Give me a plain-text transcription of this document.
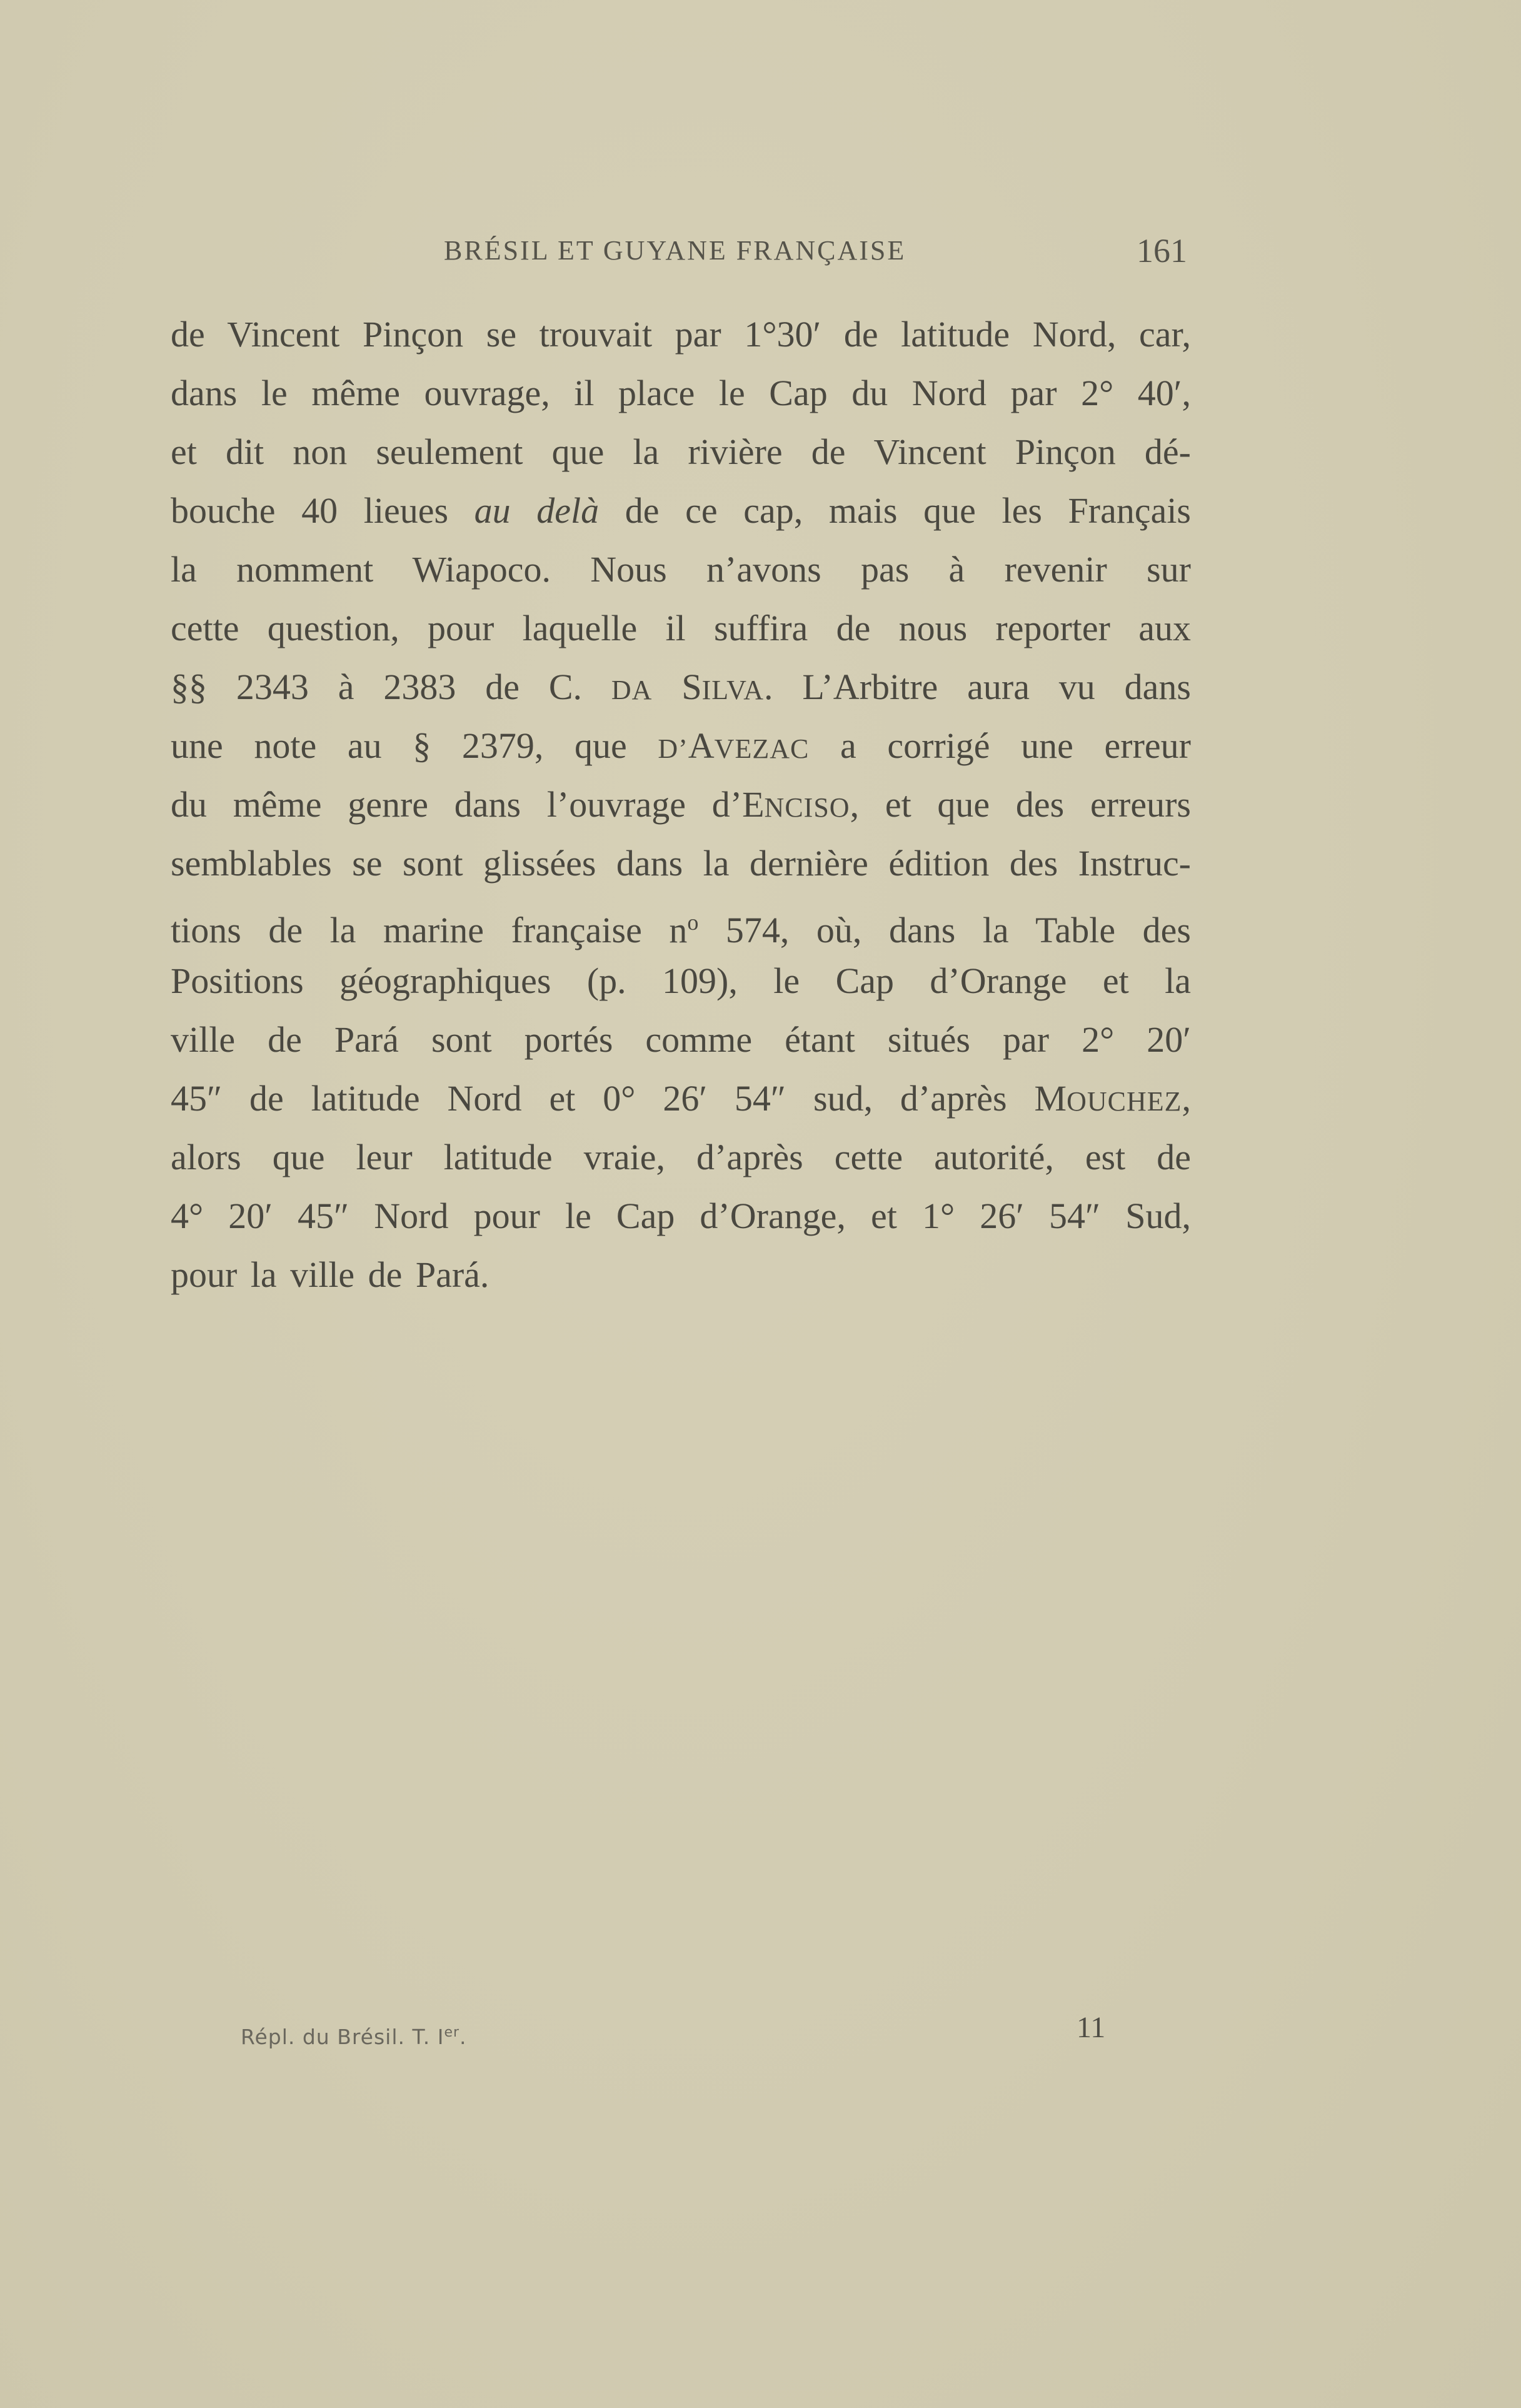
BRÉSIL ET GUYANE FRANÇAISE	161
de Vincent Pinçon se trouvait par 1°30′ de latitude Nord, car,
dans le même ouvrage, il place le Cap du Nord par 2° 40′,
et dit non seulement que la rivière de Vincent Pinçon dé-
bouche 40 lieues au delà de ce cap, mais que les Français
la nomment Wiapoco. Nous n’avons pas à revenir sur
cette question, pour laquelle il suffira de nous reporter aux
§§ 2343 à 2383 de C. DA SILVA. L’Arbitre aura vu dans
une note au § 2379, que D’AVEZAC a corrigé une erreur
du même genre dans l’ouvrage d’ENCISO, et que des erreurs
semblables se sont glissées dans la dernière édition des Instruc-
tions de la marine française $n^o$ 574, où, dans la Table des
Positions géographiques (p. 109), le Cap d’Orange et la
ville de Pará sont portés comme étant situés par 2° 20′
45″ de latitude Nord et 0° 26′ 54″ sud, d’après MOUCHEZ,
alors que leur latitude vraie, d’après cette autorité, est de
4° 20′ 45″ Nord pour le Cap d’Orange, et 1° 26′ 54″ Sud,
pour la ville de Pará.
Répl. du Brésil. T. Ier.	11
